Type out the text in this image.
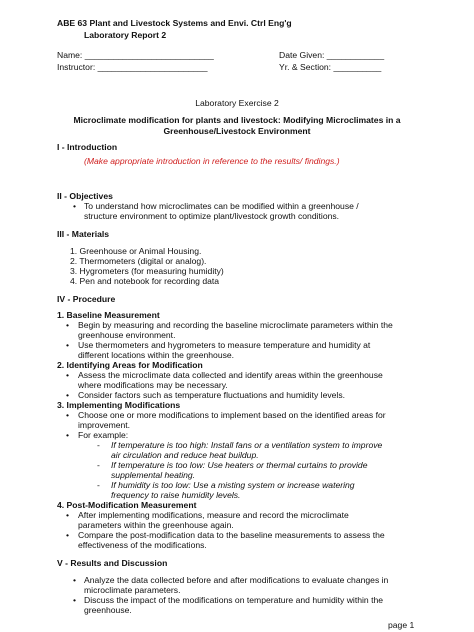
ABE 63 Plant and Livestock Systems and Envi. Ctrl Eng'g
Laboratory Report 2
Name: ___________________________	Date Given: ____________
Instructor: _______________________	Yr. & Section: __________
Laboratory Exercise 2
Microclimate modification for plants and livestock: Modifying Microclimates in a
Greenhouse/Livestock Environment
I - Introduction
(Make appropriate introduction in reference to the results/ findings.)
II - Objectives
• To understand how microclimates can be modified within a greenhouse /
structure environment to optimize plant/livestock growth conditions.
III - Materials
1. Greenhouse or Animal Housing.
2. Thermometers (digital or analog).
3. Hygrometers (for measuring humidity)
4. Pen and notebook for recording data
IV - Procedure
1. Baseline Measurement
• Begin by measuring and recording the baseline microclimate parameters within the
greenhouse environment.
• Use thermometers and hygrometers to measure temperature and humidity at
different locations within the greenhouse.
2. Identifying Areas for Modification
• Assess the microclimate data collected and identify areas within the greenhouse
where modifications may be necessary.
• Consider factors such as temperature fluctuations and humidity levels.
3. Implementing Modifications
• Choose one or more modifications to implement based on the identified areas for
improvement.
• For example:
- If temperature is too high: Install fans or a ventilation system to improve
air circulation and reduce heat buildup.
- If temperature is too low: Use heaters or thermal curtains to provide
supplemental heating.
- If humidity is too low: Use a misting system or increase watering
frequency to raise humidity levels.
4. Post-Modification Measurement
• After implementing modifications, measure and record the microclimate
parameters within the greenhouse again.
• Compare the post-modification data to the baseline measurements to assess the
effectiveness of the modifications.
V - Results and Discussion
• Analyze the data collected before and after modifications to evaluate changes in
microclimate parameters.
• Discuss the impact of the modifications on temperature and humidity within the
greenhouse.
page 1
